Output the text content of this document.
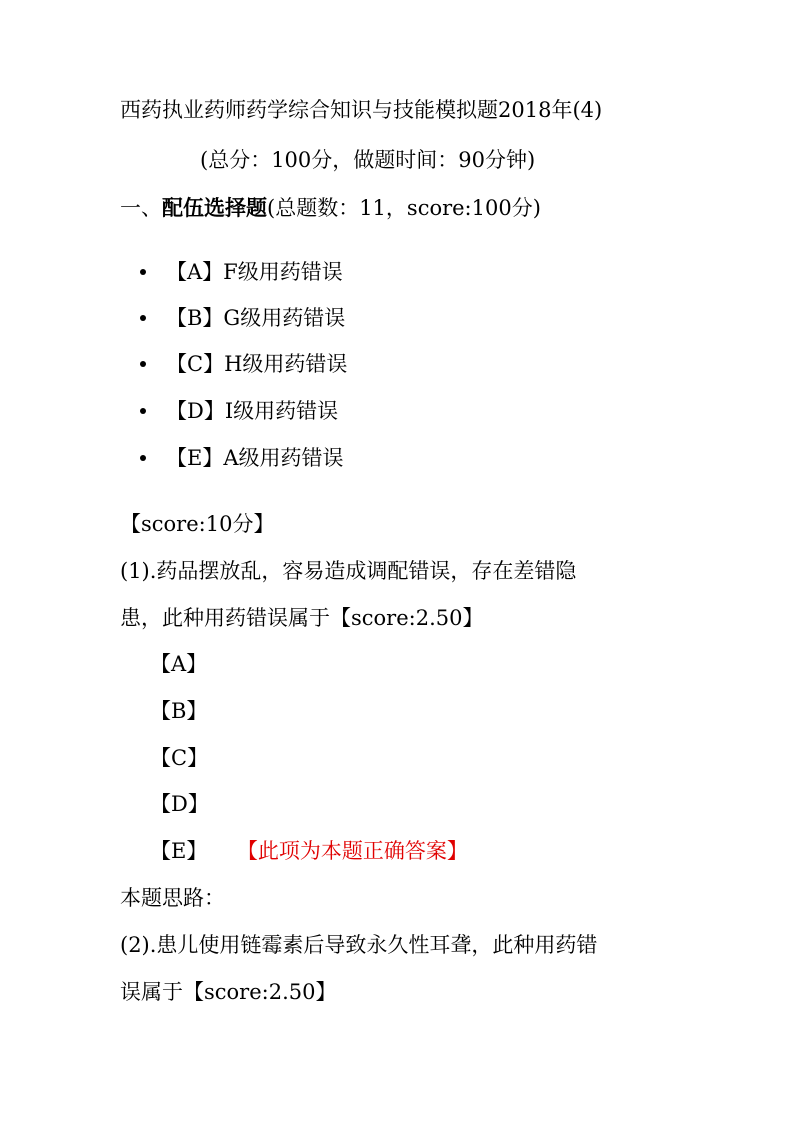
西药执业药师药学综合知识与技能模拟题2018年(4)
(总分：100分，做题时间：90分钟)
一、配伍选择题(总题数：11，score:100分)
【A】F级用药错误
【B】G级用药错误
【C】H级用药错误
【D】I级用药错误
【E】A级用药错误
【score:10分】
(1).药品摆放乱，容易造成调配错误，存在差错隐
患，此种用药错误属于【score:2.50】
【A】
【B】
【C】
【D】
【E】 【此项为本题正确答案】
本题思路：
(2).患儿使用链霉素后导致永久性耳聋，此种用药错
误属于【score:2.50】
